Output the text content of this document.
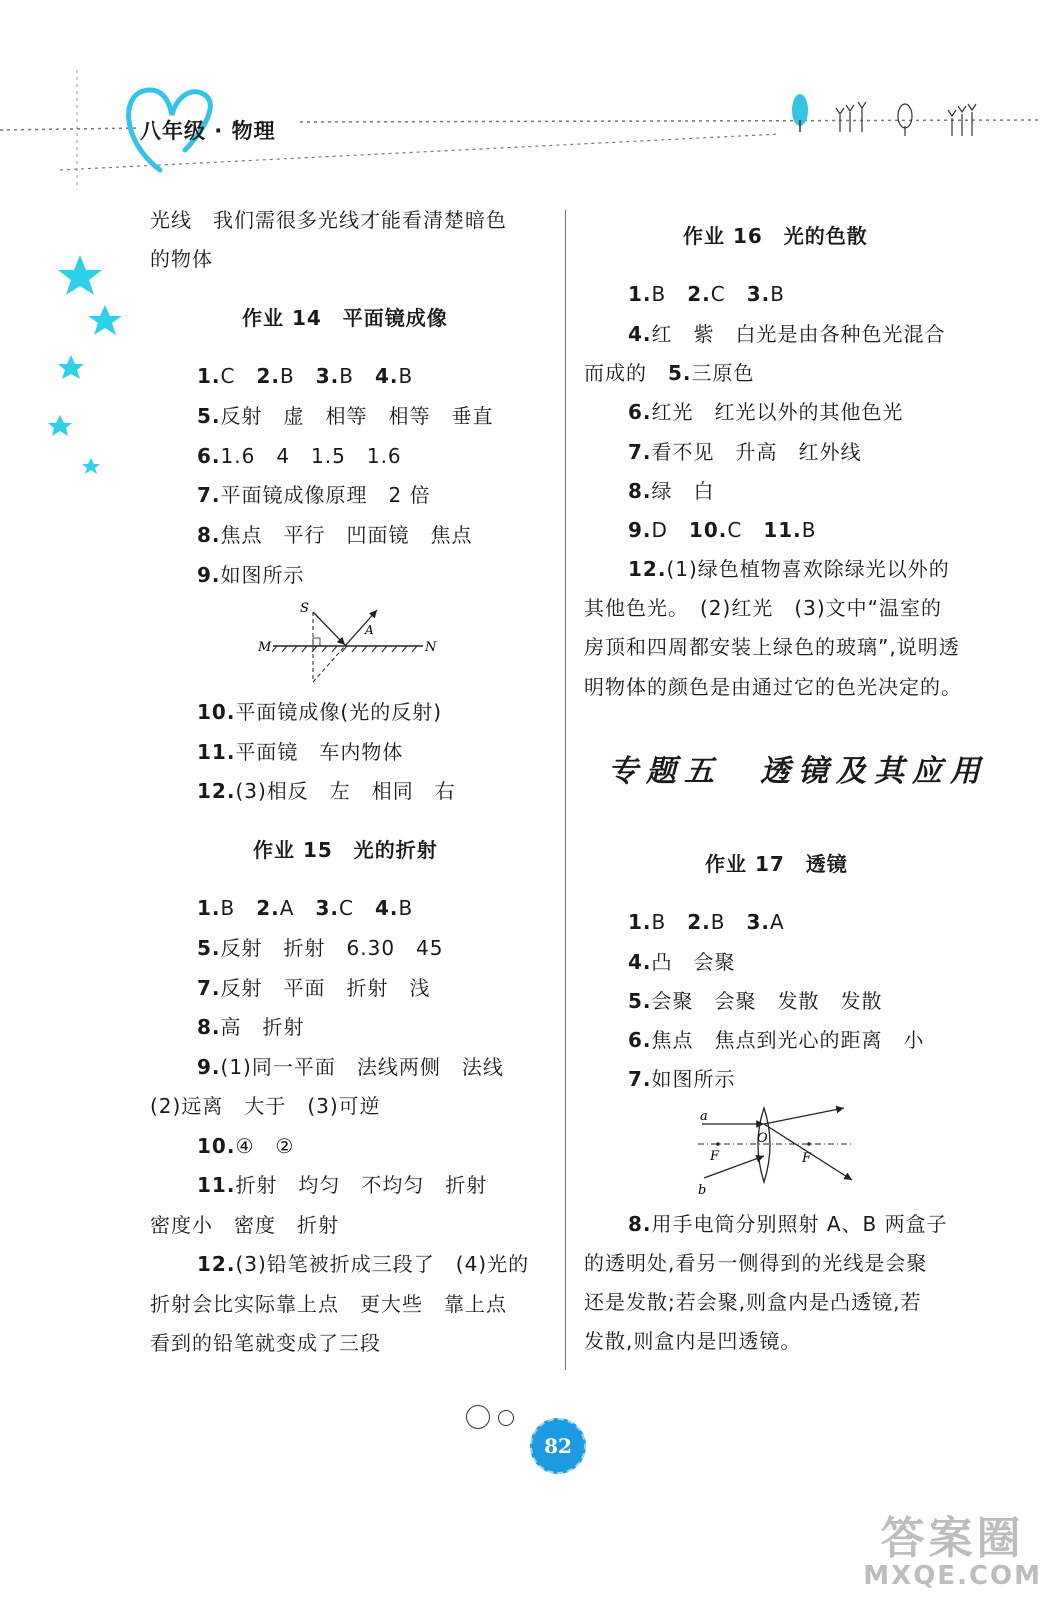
八年级 · 物理
光线　我们需很多光线才能看清楚暗色
的物体
作业 14　平面镜成像
1.C　2.B　3.B　4.B
5.反射　虚　相等　相等　垂直
6.1.6　4　1.5　1.6
7.平面镜成像原理　2 倍
8.焦点　平行　凹面镜　焦点
9.如图所示
S
A
M	N
10.平面镜成像(光的反射)
11.平面镜　车内物体
12.(3)相反　左　相同　右
作业 15　光的折射
1.B　2.A　3.C　4.B
5.反射　折射　6.30　45
7.反射　平面　折射　浅
8.高　折射
9.(1)同一平面　法线两侧　法线
(2)远离　大于　(3)可逆
10.④　②
11.折射　均匀　不均匀　折射
密度小　密度　折射
12.(3)铅笔被折成三段了　(4)光的
折射会比实际靠上点　更大些　靠上点
看到的铅笔就变成了三段
作业 16　光的色散
1.B　2.C　3.B
4.红　紫　白光是由各种色光混合
而成的　5.三原色
6.红光　红光以外的其他色光
7.看不见　升高　红外线
8.绿　白
9.D　10.C　11.B
12.(1)绿色植物喜欢除绿光以外的
其他色光。　(2)红光　(3)文中“温室的
房顶和四周都安装上绿色的玻璃”,说明透
明物体的颜色是由通过它的色光决定的。
专题五　透镜及其应用
作业 17　透镜
1.B　2.B　3.A
4.凸　会聚
5.会聚　会聚　发散　发散
6.焦点　焦点到光心的距离　小
7.如图所示
a
b
O
F	F
8.用手电筒分别照射 A、B 两盒子
的透明处,看另一侧得到的光线是会聚
还是发散;若会聚,则盒内是凸透镜,若
发散,则盒内是凹透镜。
82
答案圈
MXQE.COM
